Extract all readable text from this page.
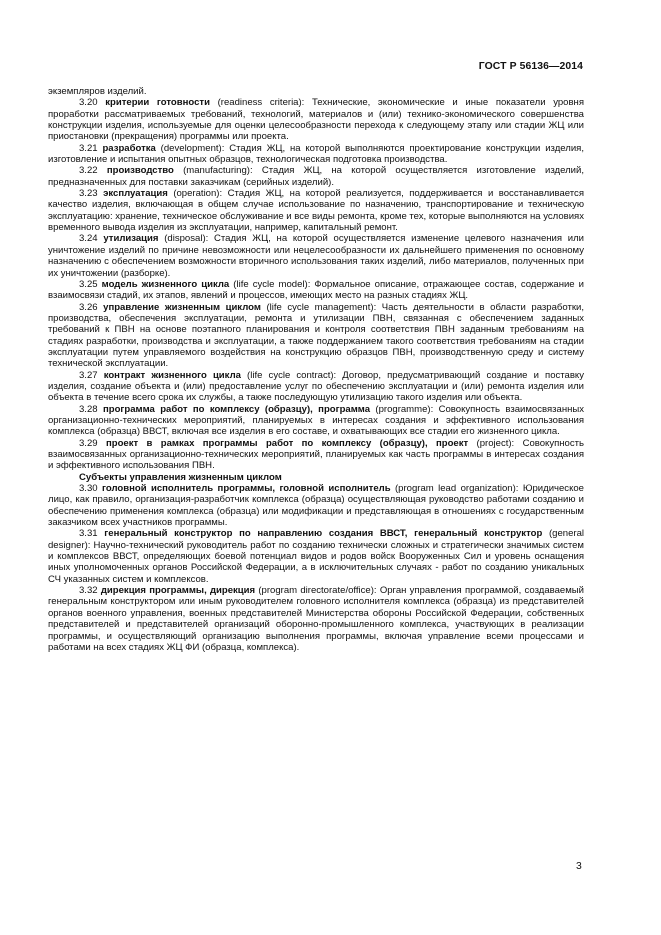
ГОСТ Р 56136—2014

экземпляров изделий.

3.20 критерии готовности (readiness criteria): Технические, экономические и иные показатели уровня проработки рассматриваемых требований, технологий, материалов и (или) технико-экономического совершенства конструкции изделия, используемые для оценки целесообразности перехода к следующему этапу или стадии ЖЦ или приостановки (прекращения) программы или проекта.

3.21 разработка (development): Стадия ЖЦ, на которой выполняются проектирование конструкции изделия, изготовление и испытания опытных образцов, технологическая подготовка производства.

3.22 производство (manufacturing): Стадия ЖЦ, на которой осуществляется изготовление изделий, предназначенных для поставки заказчикам (серийных изделий).

3.23 эксплуатация (operation): Стадия ЖЦ, на которой реализуется, поддерживается и восстанавливается качество изделия, включающая в общем случае использование по назначению, транспортирование и техническую эксплуатацию: хранение, техническое обслуживание и все виды ремонта, кроме тех, которые выполняются на условиях временного вывода изделия из эксплуатации, например, капитальный ремонт.

3.24 утилизация (disposal): Стадия ЖЦ, на которой осуществляется изменение целевого назначения или уничтожение изделий по причине невозможности или нецелесообразности их дальнейшего применения по основному назначению с обеспечением возможности вторичного использования таких изделий, либо материалов, полученных при их уничтожении (разборке).

3.25 модель жизненного цикла (life cycle model): Формальное описание, отражающее состав, содержание и взаимосвязи стадий, их этапов, явлений и процессов, имеющих место на разных стадиях ЖЦ.

3.26 управление жизненным циклом (life cycle management): Часть деятельности в области разработки, производства, обеспечения эксплуатации, ремонта и утилизации ПВН, связанная с обеспечением заданных требований к ПВН на основе поэтапного планирования и контроля соответствия ПВН заданным требованиям на стадиях разработки, производства и эксплуатации, а также поддержанием такого соответствия требованиям на стадии эксплуатации путем управляемого воздействия на конструкцию образцов ПВН, производственную среду и систему технической эксплуатации.

3.27 контракт жизненного цикла (life cycle contract): Договор, предусматривающий создание и поставку изделия, создание объекта и (или) предоставление услуг по обеспечению эксплуатации и (или) ремонта изделия или объекта в течение всего срока их службы, а также последующую утилизацию такого изделия или объекта.

3.28 программа работ по комплексу (образцу), программа (programme): Совокупность взаимосвязанных организационно-технических мероприятий, планируемых в интересах создания и эффективного использования комплекса (образца) ВВСТ, включая все изделия в его составе, и охватывающих все стадии его жизненного цикла.

3.29 проект в рамках программы работ по комплексу (образцу), проект (project): Совокупность взаимосвязанных организационно-технических мероприятий, планируемых как часть программы в интересах создания и эффективного использования ПВН.

Субъекты управления жизненным циклом

3.30 головной исполнитель программы, головной исполнитель (program lead organization): Юридическое лицо, как правило, организация-разработчик комплекса (образца) осуществляющая руководство работами созданию и обеспечению применения комплекса (образца) или модификации и представляющая в отношениях с государственным заказчиком всех участников программы.

3.31 генеральный конструктор по направлению создания ВВСТ, генеральный конструктор (general designer): Научно-технический руководитель работ по созданию технически сложных и стратегически значимых систем и комплексов ВВСТ, определяющих боевой потенциал видов и родов войск Вооруженных Сил и уровень оснащения иных уполномоченных органов Российской Федерации, а в исключительных случаях - работ по созданию уникальных СЧ указанных систем и комплексов.

3.32 дирекция программы, дирекция (program directorate/office): Орган управления программой, создаваемый генеральным конструктором или иным руководителем головного исполнителя комплекса (образца) из представителей органов военного управления, военных представителей Министерства обороны Российской Федерации, собственных представителей и представителей организаций оборонно-промышленного комплекса, участвующих в реализации программы, и осуществляющий организацию выполнения программы, включая управление всеми процессами и работами на всех стадиях ЖЦ ФИ (образца, комплекса).

3
